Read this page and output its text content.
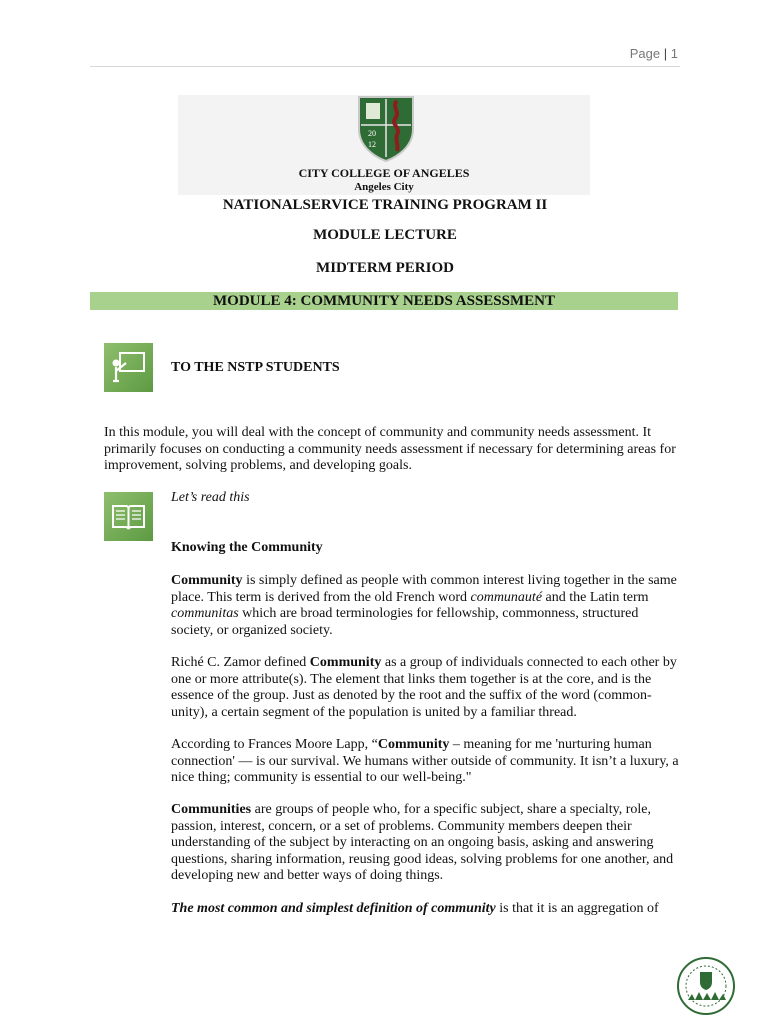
Page | 1
20
12
CITY COLLEGE OF ANGELES
Angeles City
NATIONALSERVICE TRAINING PROGRAM II
MODULE LECTURE
MIDTERM PERIOD
MODULE 4: COMMUNITY NEEDS ASSESSMENT
TO THE NSTP STUDENTS
In this module, you will deal with the concept of community and community needs assessment. It primarily focuses on conducting a community needs assessment if necessary for determining areas for improvement, solving problems, and developing goals.
Let’s read this
Knowing the Community

Community is simply defined as people with common interest living together in the same place. This term is derived from the old French word communauté and the Latin term communitas which are broad terminologies for fellowship, commonness, structured society, or organized society.

Riché C. Zamor defined Community as a group of individuals connected to each other by one or more attribute(s). The element that links them together is at the core, and is the essence of the group. Just as denoted by the root and the suffix of the word (common-unity), a certain segment of the population is united by a familiar thread.

According to Frances Moore Lapp, “Community – meaning for me 'nurturing human connection' — is our survival. We humans wither outside of community. It isn’t a luxury, a nice thing; community is essential to our well-being."

Communities are groups of people who, for a specific subject, share a specialty, role, passion, interest, concern, or a set of problems. Community members deepen their understanding of the subject by interacting on an ongoing basis, asking and answering questions, sharing information, reusing good ideas, solving problems for one another, and developing new and better ways of doing things.

The most common and simplest definition of community is that it is an aggregation of
